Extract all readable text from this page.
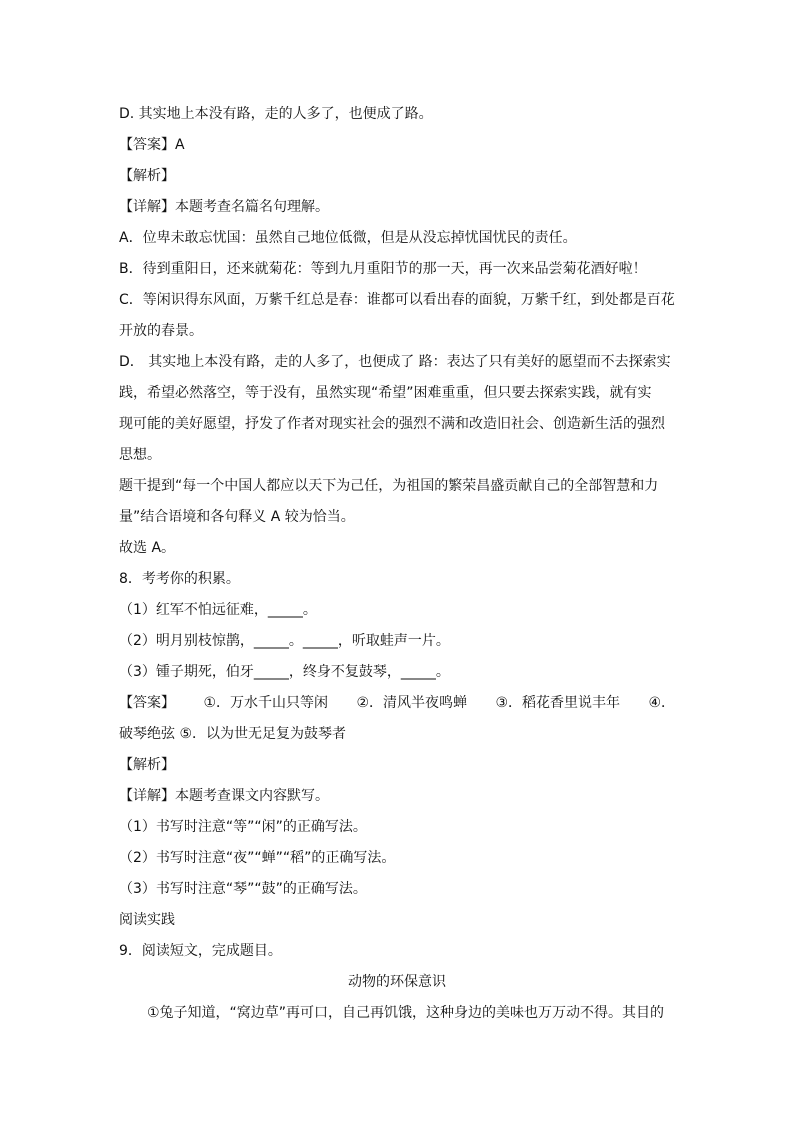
D. 其实地上本没有路，走的人多了，也便成了路。
【答案】A
【解析】
【详解】本题考查名篇名句理解。
A．位卑未敢忘忧国：虽然自己地位低微，但是从没忘掉忧国忧民的责任。
B．待到重阳日，还来就菊花：等到九月重阳节的那一天，再一次来品尝菊花酒好啦！
C．等闲识得东风面，万紫千红总是春：谁都可以看出春的面貌，万紫千红，到处都是百花
开放的春景。
D． 其实地上本没有路，走的人多了，也便成了 路：表达了只有美好的愿望而不去探索实
践，希望必然落空，等于没有，虽然实现“希望”困难重重，但只要去探索实践，就有实
现可能的美好愿望，抒发了作者对现实社会的强烈不满和改造旧社会、创造新生活的强烈
思想。
题干提到“每一个中国人都应以天下为己任，为祖国的繁荣昌盛贡献自己的全部智慧和力
量”结合语境和各句释义 A 较为恰当。
故选 A。
8．考考你的积累。
（1）红军不怕远征难，_____。
（2）明月别枝惊鹊，_____。_____，听取蛙声一片。
（3）锺子期死，伯牙_____，终身不复鼓琴，_____。
【答案】 ①．万水千山只等闲 ②．清风半夜鸣蝉 ③．稻花香里说丰年 ④．
破琴绝弦 ⑤．以为世无足复为鼓琴者
【解析】
【详解】本题考查课文内容默写。
（1）书写时注意“等”“闲”的正确写法。
（2）书写时注意“夜”“蝉”“稻”的正确写法。
（3）书写时注意“琴”“鼓”的正确写法。
阅读实践
9．阅读短文，完成题目。
动物的环保意识
①兔子知道，“窝边草”再可口，自己再饥饿，这种身边的美味也万万动不得。其目的
